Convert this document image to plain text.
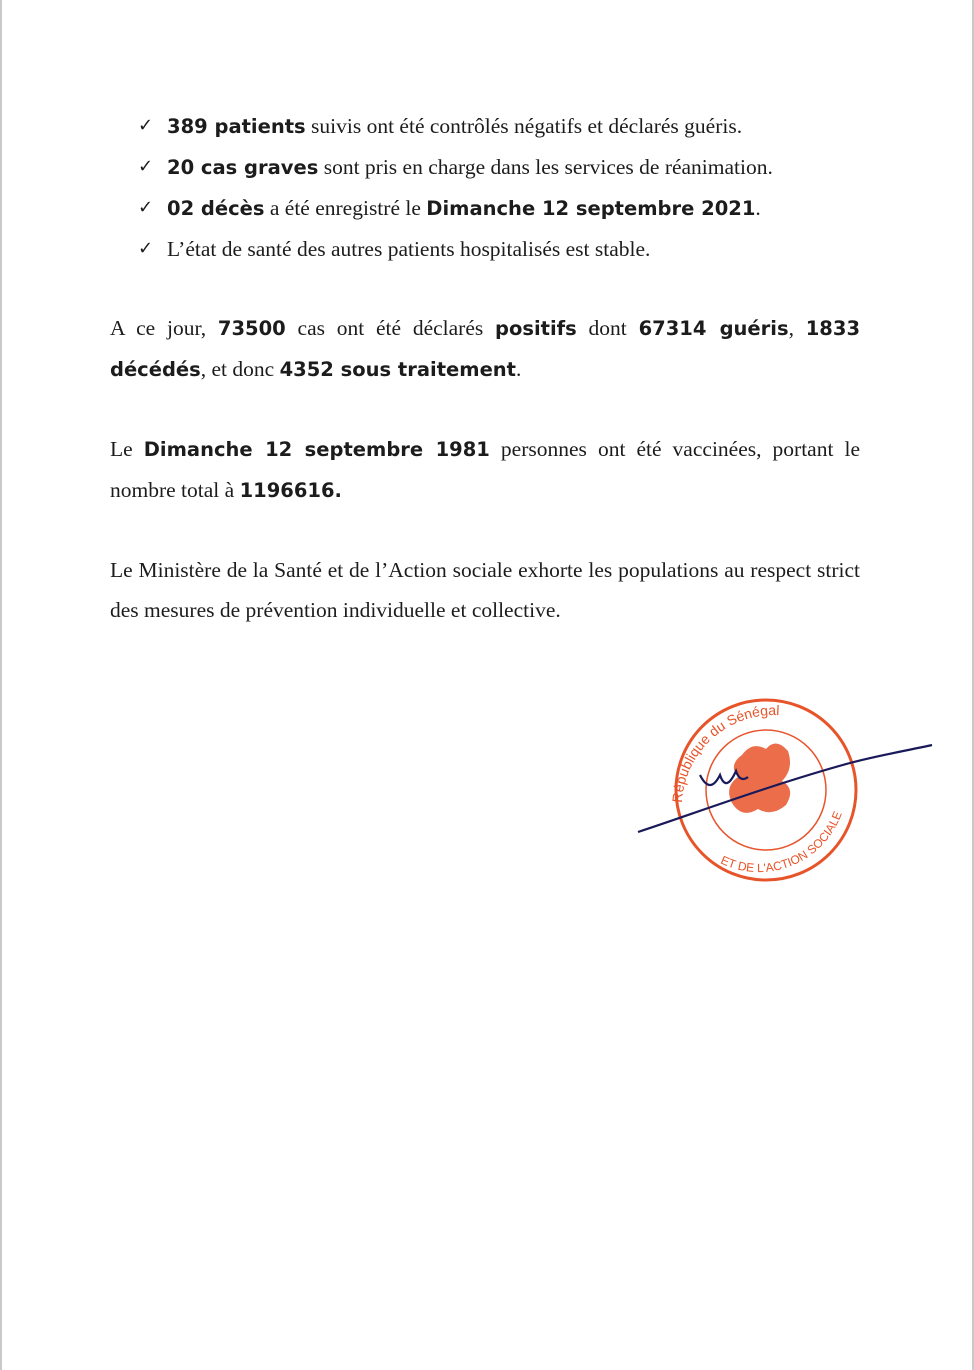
✓ 389 patients suivis ont été contrôlés négatifs et déclarés guéris.
✓ 20 cas graves sont pris en charge dans les services de réanimation.
✓ 02 décès a été enregistré le Dimanche 12 septembre 2021.
✓ L’état de santé des autres patients hospitalisés est stable.

A ce jour, 73500 cas ont été déclarés positifs dont 67314 guéris, 1833 décédés, et donc 4352 sous traitement.

Le Dimanche 12 septembre 1981 personnes ont été vaccinées, portant le nombre total à 1196616.

Le Ministère de la Santé et de l’Action sociale exhorte les populations au respect strict des mesures de prévention individuelle et collective.

République du Sénégal
ET DE L'ACTION SOCIALE
